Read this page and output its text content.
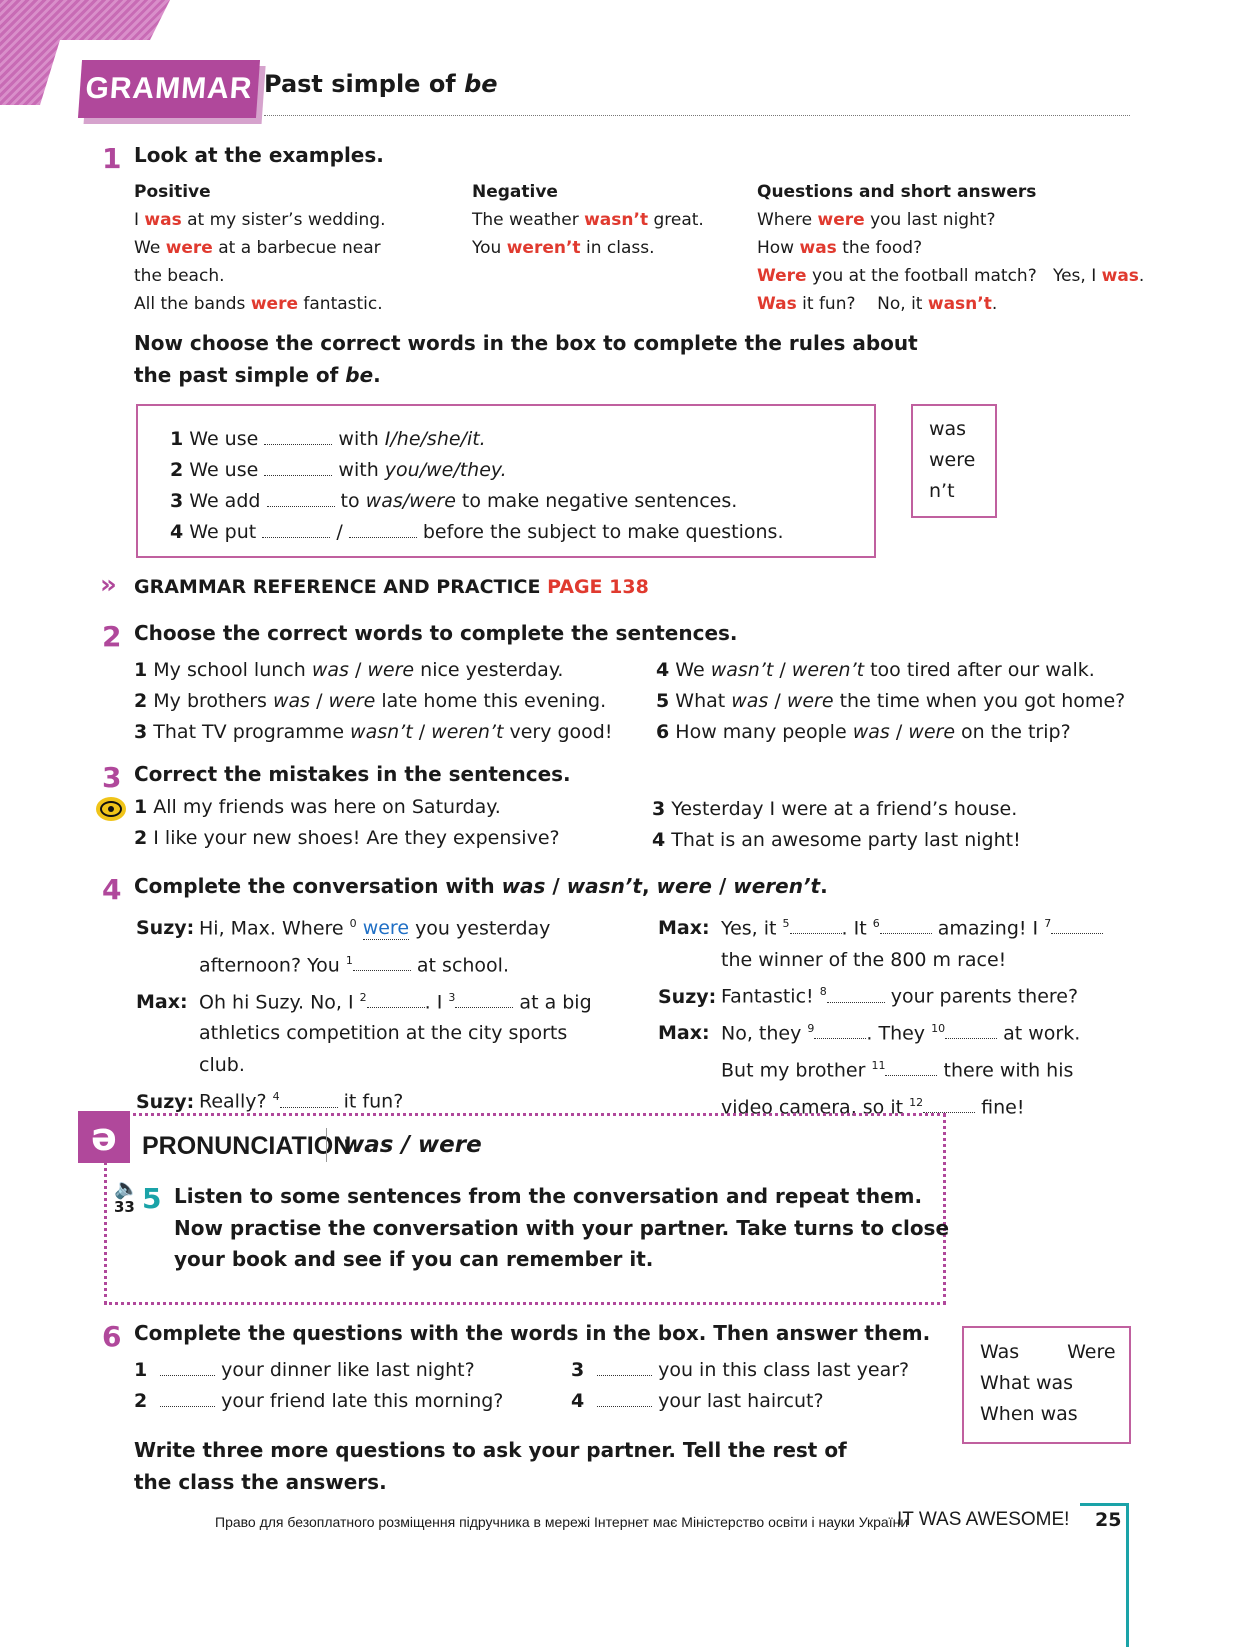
GRAMMAR Past simple of be
1 Look at the examples.
Positive
I was at my sister’s wedding.
We were at a barbecue near
the beach.
All the bands were fantastic.
Negative
The weather wasn’t great.
You weren’t in class.
Questions and short answers
Where were you last night?
How was the food?
Were you at the football match? Yes, I was.
Was it fun? No, it wasn’t.
Now choose the correct words in the box to complete the rules about
the past simple of be.
1 We use	with I/he/she/it.
2 We use	with you/we/they.
3 We add	to was/were to make negative sentences.
4 We put	/	before the subject to make questions.
was
were
n’t
» GRAMMAR REFERENCE AND PRACTICE PAGE 138
2 Choose the correct words to complete the sentences.
1 My school lunch was / were nice yesterday.
2 My brothers was / were late home this evening.
3 That TV programme wasn’t / weren’t very good!
4 We wasn’t / weren’t too tired after our walk.
5 What was / were the time when you got home?
6 How many people was / were on the trip?
3 Correct the mistakes in the sentences.
1 All my friends was here on Saturday.
2 I like your new shoes! Are they expensive?
3 Yesterday I were at a friend’s house.
4 That is an awesome party last night!
4 Complete the conversation with was / wasn’t, were / weren’t.
Suzy: Hi, Max. Where $^0$ were you yesterday
afternoon? You $^1$	at school.
Max: Oh hi Suzy. No, I $^2$	. I $^3$	at a big
athletics competition at the city sports
club.
Suzy: Really? $^4$	it fun?
Max: Yes, it $^5$	. It $^6$	amazing! I $^7$
the winner of the 800 m race!
Suzy: Fantastic! $^8$	your parents there?
Max: No, they $^9$	. They $^{10}$	at work.
But my brother $^{11}$	there with his
video camera, so it $^{12}$	fine!
ə	PRONUNCIATION
was / were
🔈
33 5 Listen to some sentences from the conversation and repeat them.
Now practise the conversation with your partner. Take turns to close
your book and see if you can remember it.
6 Complete the questions with the words in the box. Then answer them.
1	your dinner like last night?
2	your friend late this morning?
3	you in this class last year?
4	your last haircut?
Was	Were
What was
When was
Write three more questions to ask your partner. Tell the rest of
the class the answers.
Право для безоплатного розміщення підручника в мережі Інтернет має Міністерство освіти і науки України
IT WAS AWESOME! 25
